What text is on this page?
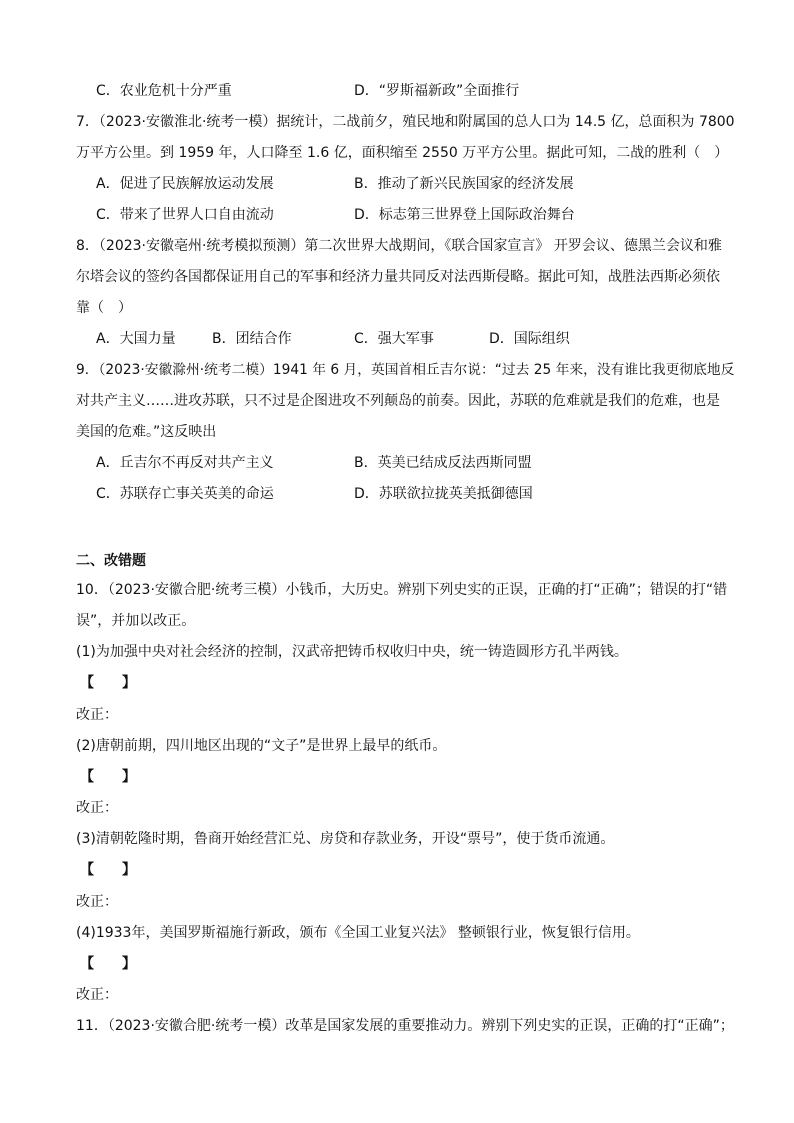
C．农业危机十分严重	D．“罗斯福新政”全面推行
7．（2023·安徽淮北·统考一模）据统计，二战前夕，殖民地和附属国的总人口为 14.5 亿，总面积为 7800
万平方公里。到 1959 年，人口降至 1.6 亿，面积缩至 2550 万平方公里。据此可知，二战的胜利（　）
A．促进了民族解放运动发展	B．推动了新兴民族国家的经济发展
C．带来了世界人口自由流动	D．标志第三世界登上国际政治舞台
8．（2023·安徽亳州·统考模拟预测）第二次世界大战期间，《联合国家宣言》 开罗会议、德黑兰会议和雅
尔塔会议的签约各国都保证用自己的军事和经济力量共同反对法西斯侵略。据此可知，战胜法西斯必须依
靠（　）
A．大国力量	B．团结合作	C．强大军事	D．国际组织
9．（2023·安徽滁州·统考二模）1941 年 6 月，英国首相丘吉尔说：“过去 25 年来，没有谁比我更彻底地反
对共产主义……进攻苏联，只不过是企图进攻不列颠岛的前奏。因此，苏联的危难就是我们的危难，也是
美国的危难。”这反映出
A．丘吉尔不再反对共产主义	B．英美已结成反法西斯同盟
C．苏联存亡事关英美的命运	D．苏联欲拉拢英美抵御德国
二、改错题
10．（2023·安徽合肥·统考三模）小钱币，大历史。辨别下列史实的正误，正确的打“正确”；错误的打“错
误”，并加以改正。
(1)为加强中央对社会经济的控制，汉武帝把铸币权收归中央，统一铸造圆形方孔半两钱。
【　　】
改正：
(2)唐朝前期，四川地区出现的“文子”是世界上最早的纸币。
【　　】
改正：
(3)清朝乾隆时期，鲁商开始经营汇兑、房贷和存款业务，开设“票号”，使于货币流通。
【　　】
改正：
(4)1933年，美国罗斯福施行新政，颁布《全国工业复兴法》 整顿银行业，恢复银行信用。
【　　】
改正：
11．（2023·安徽合肥·统考一模）改革是国家发展的重要推动力。辨别下列史实的正误，正确的打“正确”；
